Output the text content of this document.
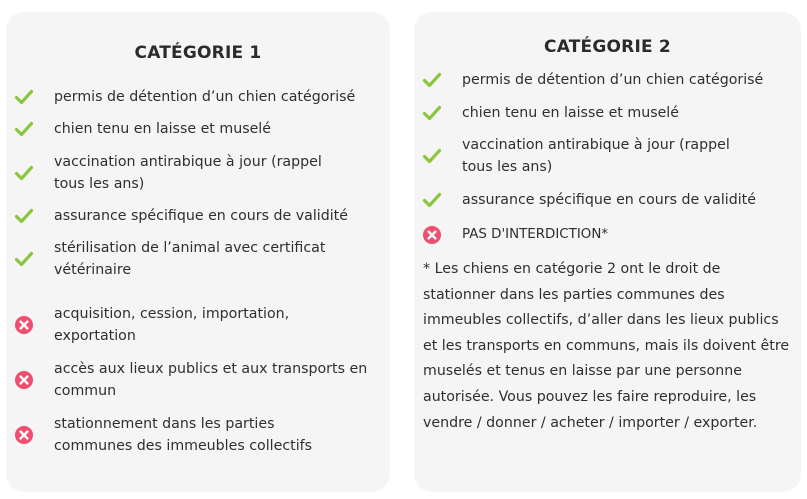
CATÉGORIE 1
permis de détention d’un chien catégorisé
chien tenu en laisse et muselé
vaccination antirabique à jour (rappel tous les ans)
assurance spécifique en cours de validité
stérilisation de l’animal avec certificat vétérinaire
acquisition, cession, importation, exportation
accès aux lieux publics et aux transports en commun
stationnement dans les parties communes des immeubles collectifs
CATÉGORIE 2
permis de détention d’un chien catégorisé
chien tenu en laisse et muselé
vaccination antirabique à jour (rappel tous les ans)
assurance spécifique en cours de validité
PAS D'INTERDICTION*
* Les chiens en catégorie 2 ont le droit de stationner dans les parties communes des immeubles collectifs, d’aller dans les lieux publics et les transports en communs, mais ils doivent être muselés et tenus en laisse par une personne autorisée. Vous pouvez les faire reproduire, les vendre / donner / acheter / importer / exporter.
